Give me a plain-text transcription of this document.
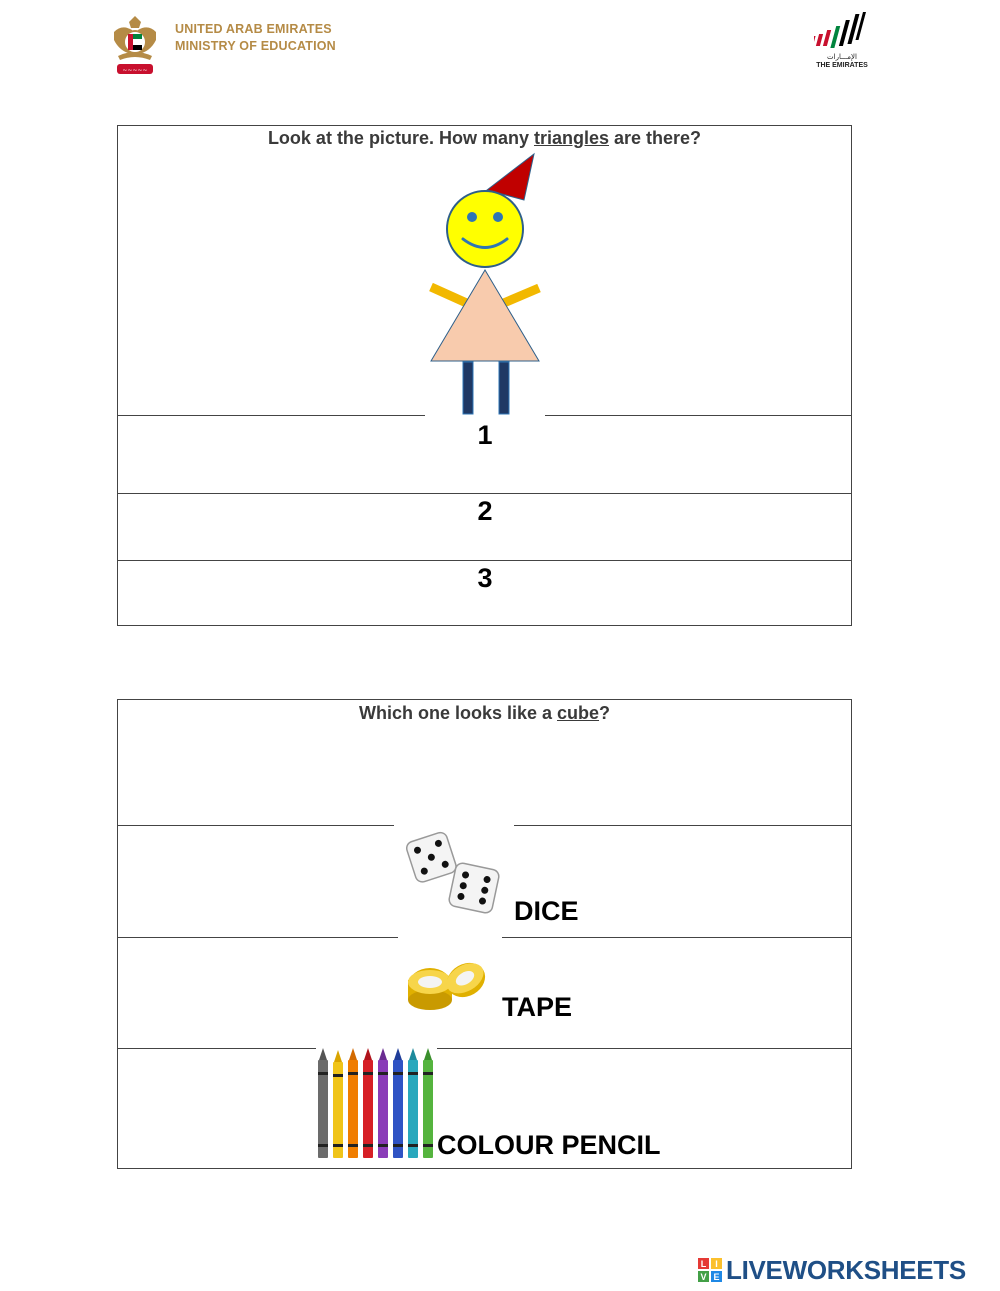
~~~~~
UNITED ARAB EMIRATES
MINISTRY OF EDUCATION
الإمـــارات
THE EMIRATES
Look at the picture. How many triangles are there?
1
2
3
Which one looks like a cube?
DICE
TAPE
COLOUR PENCIL
L I
V E LIVEWORKSHEETS
